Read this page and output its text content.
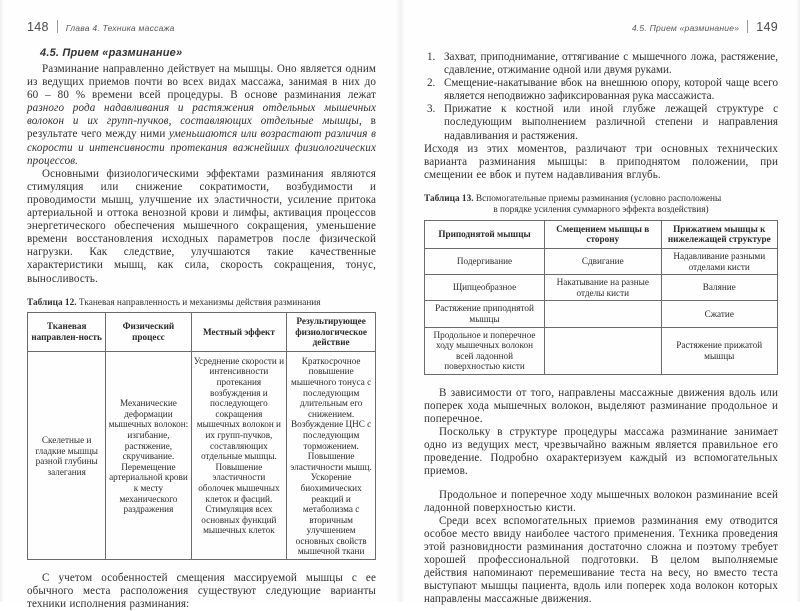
148 Глава 4. Техника массажа
4.5. Прием «разминание»

Разминание направленно действует на мышцы. Оно является одним из ведущих приемов почти во всех видах массажа, занимая в них до 60 – 80 % времени всей процедуры. В основе разминания лежат разного рода надавливания и растяжения отдельных мышечных волокон и их групп-пучков, составляющих отдельные мышцы, в результате чего между ними уменьшаются или возрастают различия в скорости и интенсивности протекания важнейших физиологических процессов.

Основными физиологическими эффектами разминания являются стимуляция или снижение сократимости, возбудимости и проводимости мышц, улучшение их эластичности, усиление притока артериальной и оттока венозной крови и лимфы, активация процессов энергетического обеспечения мышечного сокращения, уменьшение времени восстановления исходных параметров после физической нагрузки. Как следствие, улучшаются такие качественные характеристики мышц, как сила, скорость сокращения, тонус, выносливость.

Таблица 12. Тканевая направленность и механизмы действия разминания
Тканевая направлен-ность	Физический процесс	Местный эффект	Результирующее физиологическое действие
Скелетные и гладкие мышцы разной глубины залегания	Механические деформации мышечных волокон: изгибание, растяжение, скручивание. Перемещение артериальной крови к месту механического раздражения	Усреднение скорости и интенсивности протекания возбуждения и последующего сокращения мышечных волокон и их групп-пучков, составляющих отдельные мышцы. Повышение эластичности оболочек мышечных клеток и фасций. Стимуляция всех основных функций мышечных клеток	Краткосрочное повышение мышечного тонуса с последующим длительным его снижением. Возбуждение ЦНС с последующим торможением. Повышение эластичности мышц. Ускорение биохимических реакций и метаболизма с вторичным улучшением основных свойств мышечной ткани

С учетом особенностей смещения массируемой мышцы с ее обычного места расположения существуют следующие варианты техники исполнения разминания:

4.5. Прием «разминание» 149
Захват, приподнимание, оттягивание с мышечного ложа, растяжение, сдавление, отжимание одной или двумя руками.
Смещение-накатывание вбок на внешнюю опору, которой чаще всего является неподвижно зафиксированная рука массажиста.
Прижатие к костной или иной глубже лежащей структуре с последующим выполнением различной степени и направления надавливания и растяжения.

Исходя из этих моментов, различают три основных технических варианта разминания мышцы: в приподнятом положении, при смещении ее вбок и путем надавливания вглубь.

Таблица 13. Вспомогательные приемы разминания (условно расположены
в порядке усиления суммарного эффекта воздействия)
Приподнятой мышцы	Смещением мышцы в сторону	Прижатием мышцы к нижележащей структуре
Подергивание	Сдвигание	Надавливание разными отделами кисти
Щипцеобразное	Накатывание на разные отделы кисти	Валяние
Растяжение приподнятой мышцы		Сжатие
Продольное и поперечное ходу мышечных волокон всей ладонной поверхностью кисти		Растяжение прижатой мышцы

В зависимости от того, направлены массажные движения вдоль или поперек хода мышечных волокон, выделяют разминание продольное и поперечное.

Поскольку в структуре процедуры массажа разминание занимает одно из ведущих мест, чрезвычайно важным является правильное его проведение. Подробно охарактеризуем каждый из вспомогательных приемов.

Продольное и поперечное ходу мышечных волокон разминание всей ладонной поверхностью кисти.

Среди всех вспомогательных приемов разминания ему отводится особое место ввиду наиболее частого применения. Техника проведения этой разновидности разминания достаточно сложна и поэтому требует хорошей профессиональной подготовки. В целом выполняемые действия напоминают перемешивание теста на весу, но вместо теста выступают мышцы пациента, вдоль или поперек хода волокон которых направлены массажные движения.
